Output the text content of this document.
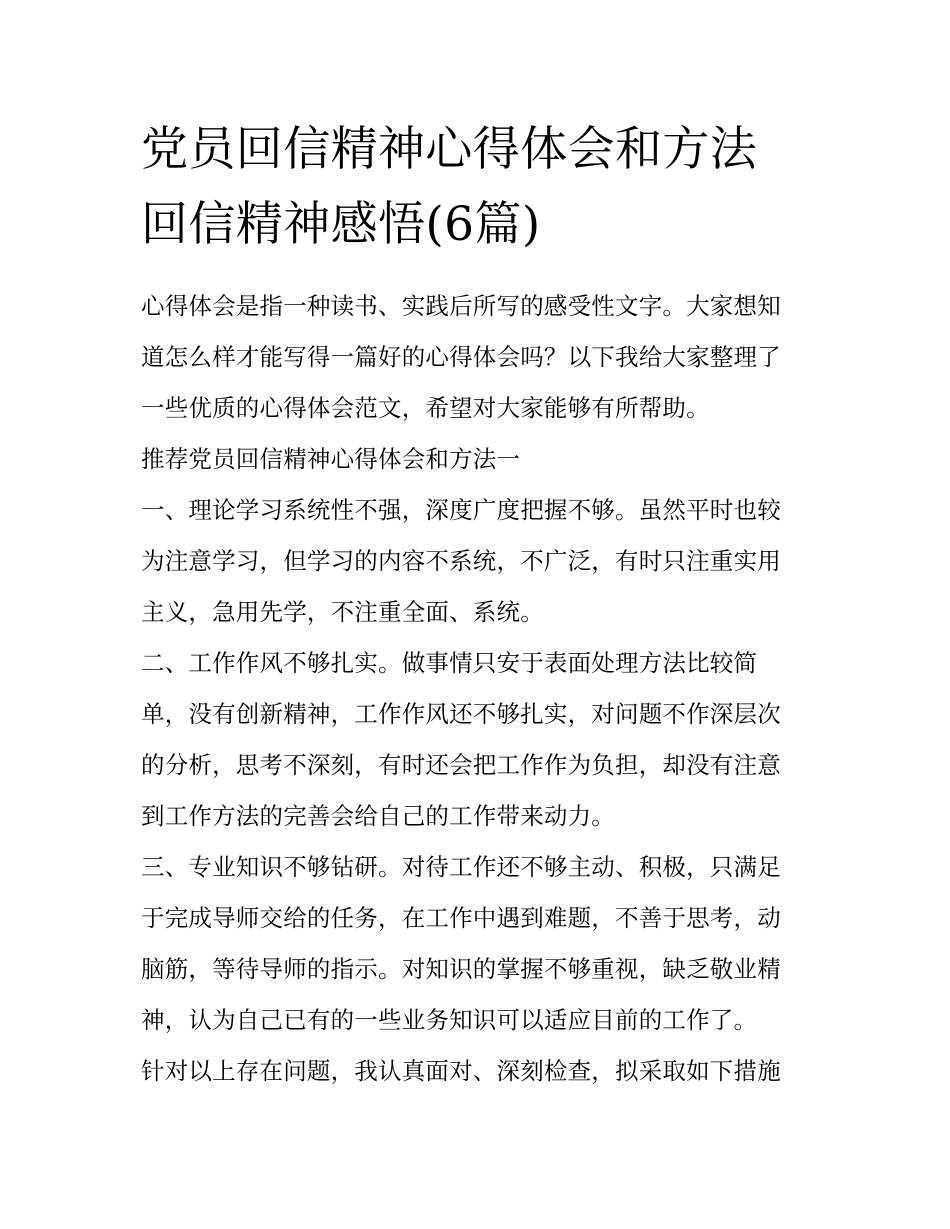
党员回信精神心得体会和方法
回信精神感悟(6篇)
心得体会是指一种读书、实践后所写的感受性文字。大家想知
道怎么样才能写得一篇好的心得体会吗？以下我给大家整理了
一些优质的心得体会范文，希望对大家能够有所帮助。
推荐党员回信精神心得体会和方法一
一、理论学习系统性不强，深度广度把握不够。虽然平时也较
为注意学习，但学习的内容不系统，不广泛，有时只注重实用
主义，急用先学，不注重全面、系统。
二、工作作风不够扎实。做事情只安于表面处理方法比较简
单，没有创新精神，工作作风还不够扎实，对问题不作深层次
的分析，思考不深刻，有时还会把工作作为负担，却没有注意
到工作方法的完善会给自己的工作带来动力。
三、专业知识不够钻研。对待工作还不够主动、积极，只满足
于完成导师交给的任务，在工作中遇到难题，不善于思考，动
脑筋，等待导师的指示。对知识的掌握不够重视，缺乏敬业精
神，认为自己已有的一些业务知识可以适应目前的工作了。
针对以上存在问题，我认真面对、深刻检查，拟采取如下措施
